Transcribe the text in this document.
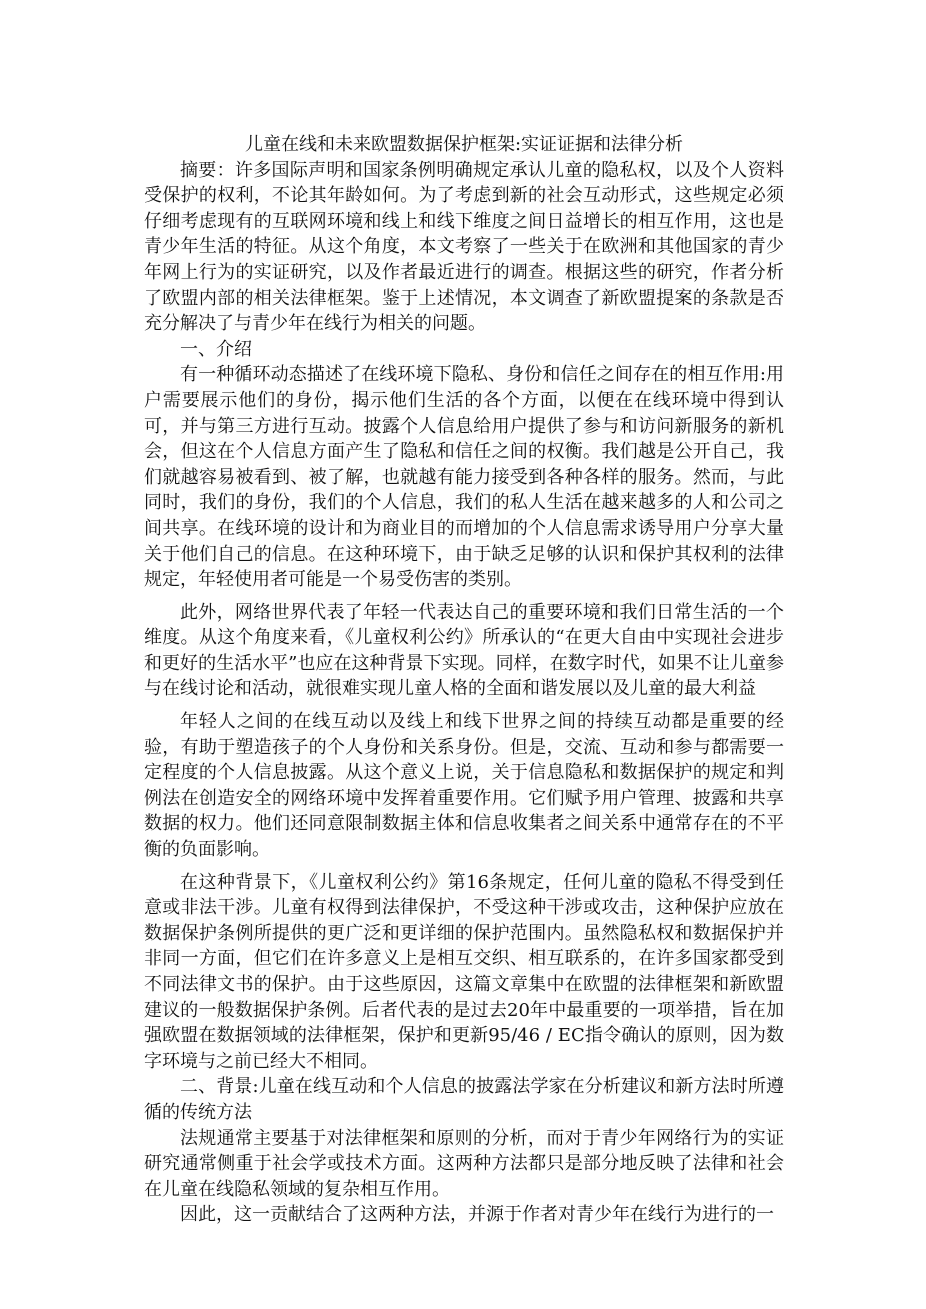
儿童在线和未来欧盟数据保护框架:实证证据和法律分析

摘要：许多国际声明和国家条例明确规定承认儿童的隐私权，以及个人资料受保护的权利，不论其年龄如何。为了考虑到新的社会互动形式，这些规定必须仔细考虑现有的互联网环境和线上和线下维度之间日益增长的相互作用，这也是青少年生活的特征。从这个角度，本文考察了一些关于在欧洲和其他国家的青少年网上行为的实证研究，以及作者最近进行的调查。根据这些的研究，作者分析了欧盟内部的相关法律框架。鉴于上述情况，本文调查了新欧盟提案的条款是否充分解决了与青少年在线行为相关的问题。

一、介绍

有一种循环动态描述了在线环境下隐私、身份和信任之间存在的相互作用:用户需要展示他们的身份，揭示他们生活的各个方面，以便在在线环境中得到认可，并与第三方进行互动。披露个人信息给用户提供了参与和访问新服务的新机会，但这在个人信息方面产生了隐私和信任之间的权衡。我们越是公开自己，我们就越容易被看到、被了解，也就越有能力接受到各种各样的服务。然而，与此同时，我们的身份，我们的个人信息，我们的私人生活在越来越多的人和公司之间共享。在线环境的设计和为商业目的而增加的个人信息需求诱导用户分享大量关于他们自己的信息。在这种环境下，由于缺乏足够的认识和保护其权利的法律规定，年轻使用者可能是一个易受伤害的类别。

此外，网络世界代表了年轻一代表达自己的重要环境和我们日常生活的一个维度。从这个角度来看，《儿童权利公约》所承认的“在更大自由中实现社会进步和更好的生活水平”也应在这种背景下实现。同样，在数字时代，如果不让儿童参与在线讨论和活动，就很难实现儿童人格的全面和谐发展以及儿童的最大利益

年轻人之间的在线互动以及线上和线下世界之间的持续互动都是重要的经验，有助于塑造孩子的个人身份和关系身份。但是，交流、互动和参与都需要一定程度的个人信息披露。从这个意义上说，关于信息隐私和数据保护的规定和判例法在创造安全的网络环境中发挥着重要作用。它们赋予用户管理、披露和共享数据的权力。他们还同意限制数据主体和信息收集者之间关系中通常存在的不平衡的负面影响。

在这种背景下，《儿童权利公约》第16条规定，任何儿童的隐私不得受到任意或非法干涉。儿童有权得到法律保护，不受这种干涉或攻击，这种保护应放在数据保护条例所提供的更广泛和更详细的保护范围内。虽然隐私权和数据保护并非同一方面，但它们在许多意义上是相互交织、相互联系的，在许多国家都受到不同法律文书的保护。由于这些原因，这篇文章集中在欧盟的法律框架和新欧盟建议的一般数据保护条例。后者代表的是过去20年中最重要的一项举措，旨在加强欧盟在数据领域的法律框架，保护和更新95/46 / EC指令确认的原则，因为数字环境与之前已经大不相同。

二、背景:儿童在线互动和个人信息的披露法学家在分析建议和新方法时所遵循的传统方法

法规通常主要基于对法律框架和原则的分析，而对于青少年网络行为的实证研究通常侧重于社会学或技术方面。这两种方法都只是部分地反映了法律和社会在儿童在线隐私领域的复杂相互作用。

因此，这一贡献结合了这两种方法，并源于作者对青少年在线行为进行的一
